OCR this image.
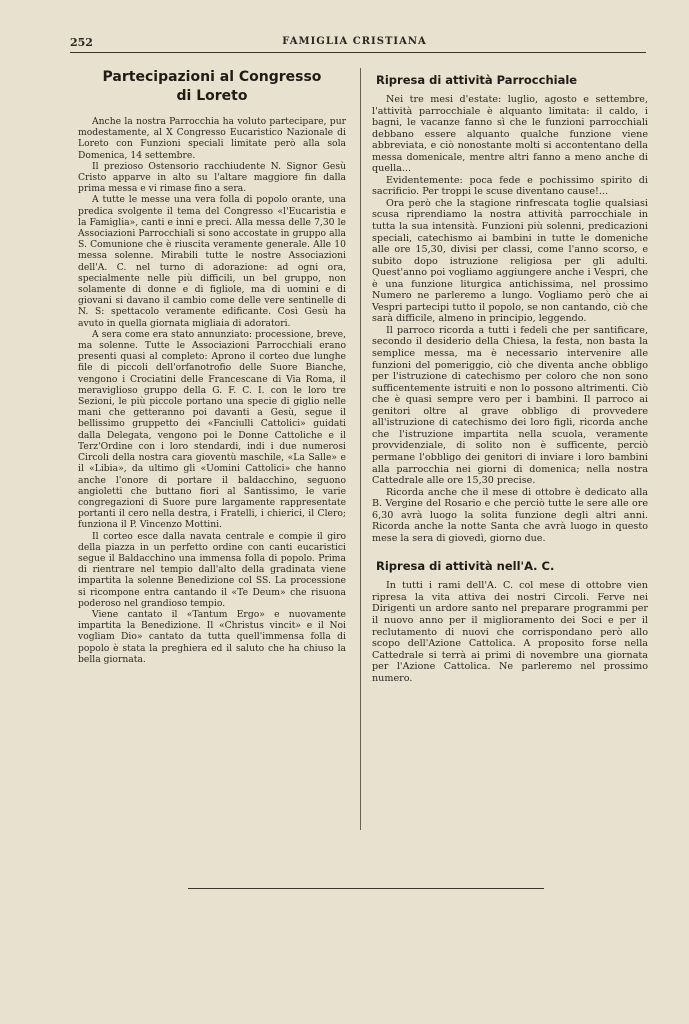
252	FAMIGLIA CRISTIANA
Partecipazioni al Congresso
di Loreto

Anche la nostra Parrocchia ha voluto partecipare, pur modestamente, al X Congresso Eucaristico Nazionale di Loreto con Funzioni speciali limitate però alla sola Domenica, 14 settembre.

Il prezioso Ostensorio racchiudente N. Signor Gesù Cristo apparve in alto su l'altare maggiore fin dalla prima messa e vi rimase fino a sera.

A tutte le messe una vera folla di popolo orante, una predica svolgente il tema del Congresso «l'Eucaristia e la Famiglia», canti e inni e preci. Alla messa delle 7,30 le Associazioni Parrocchiali si sono accostate in gruppo alla S. Comunione che è riuscita veramente generale. Alle 10 messa solenne. Mirabili tutte le nostre Associazioni dell'A. C. nel turno di adorazione: ad ogni ora, specialmente nelle più difficili, un bel gruppo, non solamente di donne e di figliole, ma di uomini e di giovani si davano il cambio come delle vere sentinelle di N. S: spettacolo veramente edificante. Così Gesù ha avuto in quella giornata migliaia di adoratori.

A sera come era stato annunziato: processione, breve, ma solenne. Tutte le Associazioni Parrocchiali erano presenti quasi al completo: Aprono il corteo due lunghe file di piccoli dell'orfanotrofio delle Suore Bianche, vengono i Crociatini delle Francescane di Via Roma, il meraviglioso gruppo della G. F. C. I. con le loro tre Sezioni, le più piccole portano una specie di giglio nelle mani che getteranno poi davanti a Gesù, segue il bellissimo gruppetto dei «Fanciulli Cattolici» guidati dalla Delegata, vengono poi le Donne Cattoliche e il Terz'Ordine con i loro stendardi, indi i due numerosi Circoli della nostra cara gioventù maschile, «La Salle» e il «Libia», da ultimo gli «Uomini Cattolici» che hanno anche l'onore di portare il baldacchino, seguono angioletti che buttano fiori al Santissimo, le varie congregazioni di Suore pure largamente rappresentate portanti il cero nella destra, i Fratelli, i chierici, il Clero; funziona il P. Vincenzo Mottini.

Il corteo esce dalla navata centrale e compie il giro della piazza in un perfetto ordine con canti eucaristici segue il Baldacchino una immensa folla di popolo. Prima di rientrare nel tempio dall'alto della gradinata viene impartita la solenne Benedizione col SS. La processione si ricompone entra cantando il «Te Deum» che risuona poderoso nel grandioso tempio.

Viene cantato il «Tantum Ergo» e nuovamente impartita la Benedizione. Il «Christus vincit» e il Noi vogliam Dio» cantato da tutta quell'immensa folla di popolo è stata la preghiera ed il saluto che ha chiuso la bella giornata.

Ripresa di attività Parrocchiale

Nei tre mesi d'estate: luglio, agosto e settembre, l'attività parrocchiale è alquanto limitata: il caldo, i bagni, le vacanze fanno sì che le funzioni parrocchiali debbano essere alquanto qualche funzione viene abbreviata, e ciò nonostante molti si accontentano della messa domenicale, mentre altri fanno a meno anche di quella...

Evidentemente: poca fede e pochissimo spirito di sacrificio. Per troppi le scuse diventano cause!...

Ora però che la stagione rinfrescata toglie qualsiasi scusa riprendiamo la nostra attività parrocchiale in tutta la sua intensità. Funzioni più solenni, predicazioni speciali, catechismo ai bambini in tutte le domeniche alle ore 15,30, divisi per classi, come l'anno scorso, e subito dopo istruzione religiosa per gli adulti. Quest'anno poi vogliamo aggiungere anche i Vespri, che è una funzione liturgica antichissima, nel prossimo Numero ne parleremo a lungo. Vogliamo però che ai Vespri partecipi tutto il popolo, se non cantando, ciò che sarà difficile, almeno in principio, leggendo.

Il parroco ricorda a tutti i fedeli che per santificare, secondo il desiderio della Chiesa, la festa, non basta la semplice messa, ma è necessario intervenire alle funzioni del pomeriggio, ciò che diventa anche obbligo per l'istruzione di catechismo per coloro che non sono sufficentemente istruiti e non lo possono altrimenti. Ciò che è quasi sempre vero per i bambini. Il parroco ai genitori oltre al grave obbligo di provvedere all'istruzione di catechismo dei loro figli, ricorda anche che l'istruzione impartita nella scuola, veramente provvidenziale, di solito non è sufficente, perciò permane l'obbligo dei genitori di inviare i loro bambini alla parrocchia nei giorni di domenica; nella nostra Cattedrale alle ore 15,30 precise.

Ricorda anche che il mese di ottobre è dedicato alla B. Vergine del Rosario e che perciò tutte le sere alle ore 6,30 avrà luogo la solita funzione degli altri anni. Ricorda anche la notte Santa che avrà luogo in questo mese la sera di giovedì, giorno due.

Ripresa di attività nell'A. C.

In tutti i rami dell'A. C. col mese di ottobre vien ripresa la vita attiva dei nostri Circoli. Ferve nei Dirigenti un ardore santo nel preparare programmi per il nuovo anno per il miglioramento dei Soci e per il reclutamento di nuovi che corrispondano però allo scopo dell'Azione Cattolica. A proposito forse nella Cattedrale si terrà ai primi di novembre una giornata per l'Azione Cattolica. Ne parleremo nel prossimo numero.
